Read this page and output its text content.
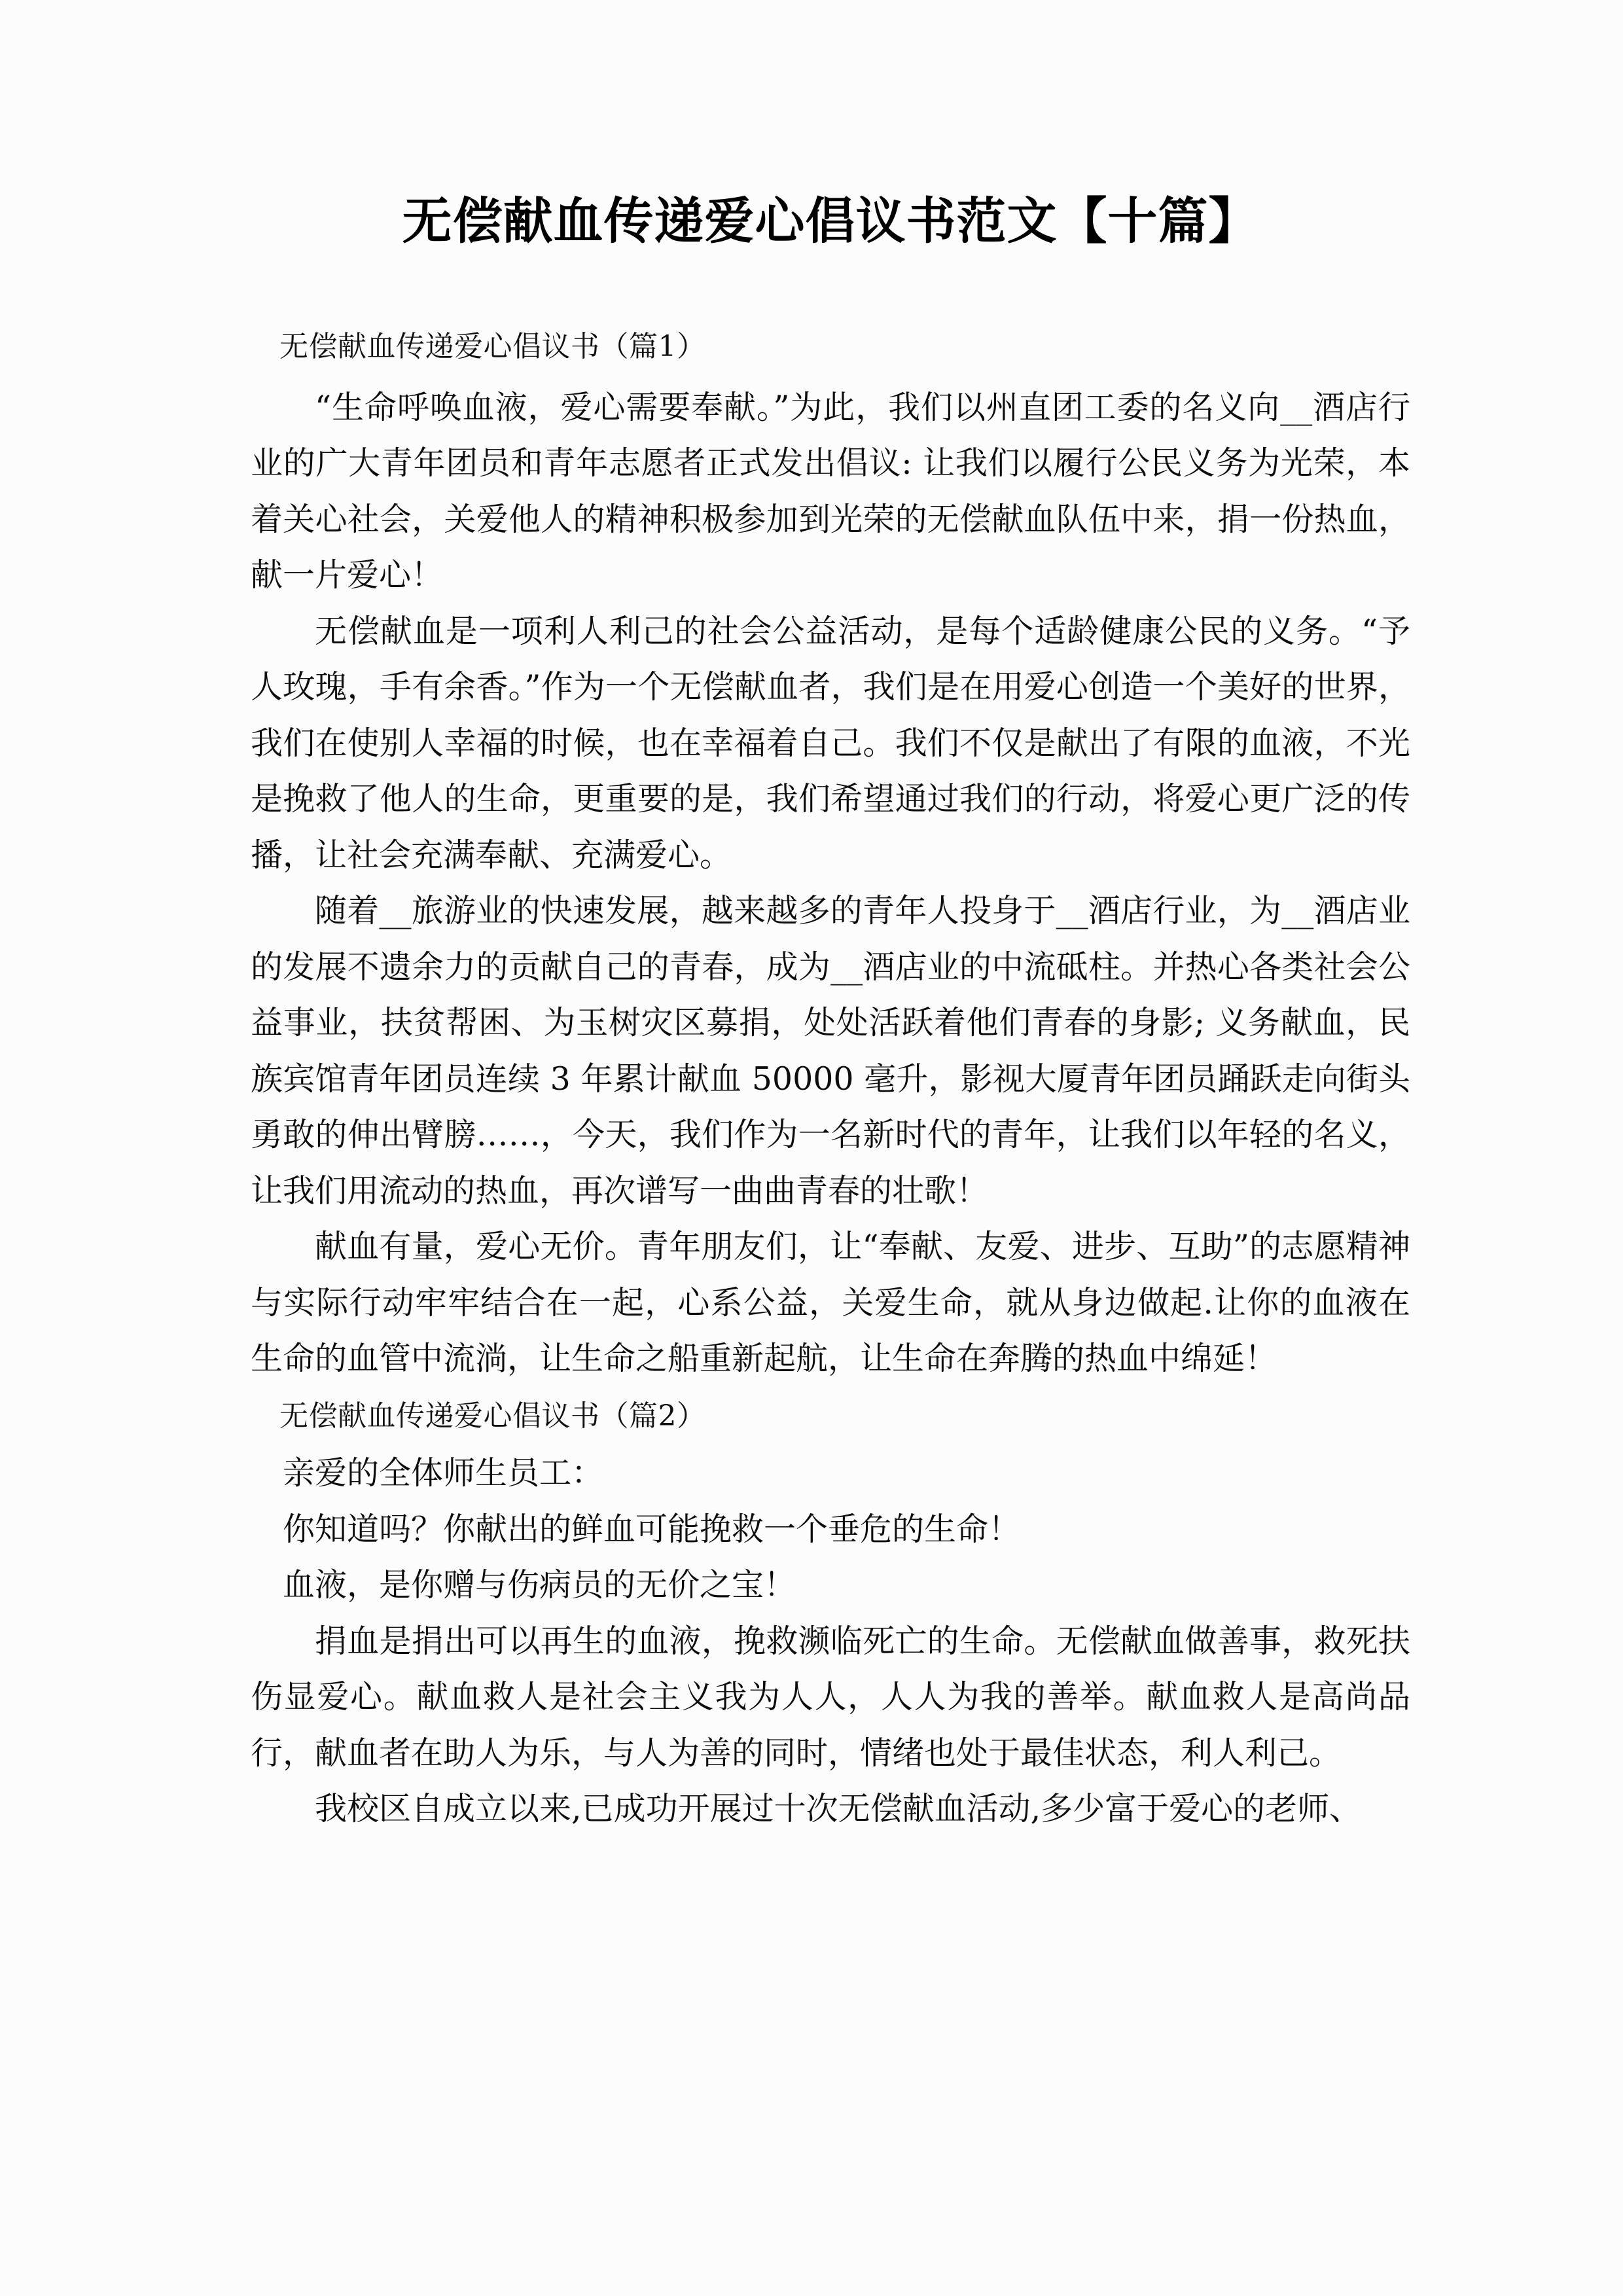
无偿献血传递爱心倡议书范文【十篇】
无偿献血传递爱心倡议书（篇1）

“生命呼唤血液，爱心需要奉献。”为此，我们以州直团工委的名义向__酒店行业的广大青年团员和青年志愿者正式发出倡议: 让我们以履行公民义务为光荣，本着关心社会，关爱他人的精神积极参加到光荣的无偿献血队伍中来，捐一份热血，献一片爱心！

无偿献血是一项利人利己的社会公益活动，是每个适龄健康公民的义务。“予人玫瑰，手有余香。”作为一个无偿献血者，我们是在用爱心创造一个美好的世界，我们在使别人幸福的时候，也在幸福着自己。我们不仅是献出了有限的血液，不光是挽救了他人的生命，更重要的是，我们希望通过我们的行动，将爱心更广泛的传播，让社会充满奉献、充满爱心。

随着__旅游业的快速发展，越来越多的青年人投身于__酒店行业，为__酒店业的发展不遗余力的贡献自己的青春，成为__酒店业的中流砥柱。并热心各类社会公益事业，扶贫帮困、为玉树灾区募捐，处处活跃着他们青春的身影; 义务献血，民族宾馆青年团员连续 3 年累计献血 50000 毫升，影视大厦青年团员踊跃走向街头勇敢的伸出臂膀……，今天，我们作为一名新时代的青年，让我们以年轻的名义，让我们用流动的热血，再次谱写一曲曲青春的壮歌！

献血有量，爱心无价。青年朋友们，让“奉献、友爱、进步、互助”的志愿精神与实际行动牢牢结合在一起，心系公益，关爱生命，就从身边做起.让你的血液在生命的血管中流淌，让生命之船重新起航，让生命在奔腾的热血中绵延！

无偿献血传递爱心倡议书（篇2）

亲爱的全体师生员工：

你知道吗？你献出的鲜血可能挽救一个垂危的生命！

血液，是你赠与伤病员的无价之宝！

捐血是捐出可以再生的血液，挽救濒临死亡的生命。无偿献血做善事，救死扶伤显爱心。献血救人是社会主义我为人人，人人为我的善举。献血救人是高尚品行，献血者在助人为乐，与人为善的同时，情绪也处于最佳状态，利人利己。

我校区自成立以来,已成功开展过十次无偿献血活动,多少富于爱心的老师、
